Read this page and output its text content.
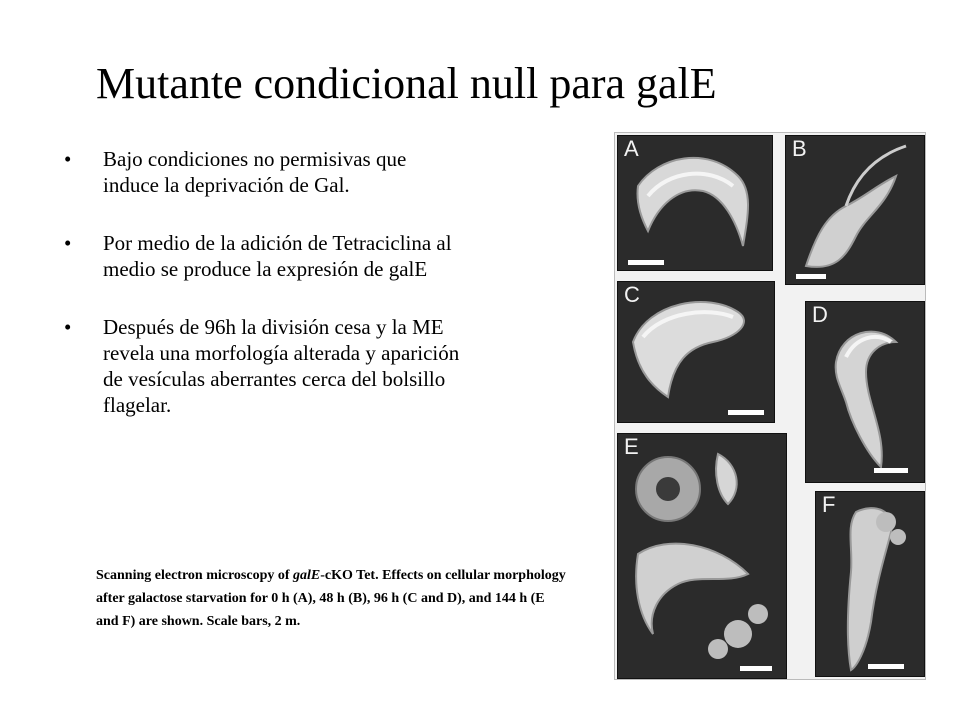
Mutante condicional null para galE
• Bajo condiciones no permisivas que induce la deprivación de Gal.
• Por medio de la adición de Tetraciclina al medio se produce la expresión de galE
• Después de 96h la división cesa y la ME revela una morfología alterada y aparición de vesículas aberrantes cerca del bolsillo flagelar.
Scanning electron microscopy of galE-cKO Tet. Effects on cellular morphology after galactose starvation for 0 h (A), 48 h (B), 96 h (C and D), and 144 h (E and F) are shown. Scale bars, 2 m.
A	B
C
D
E
F
